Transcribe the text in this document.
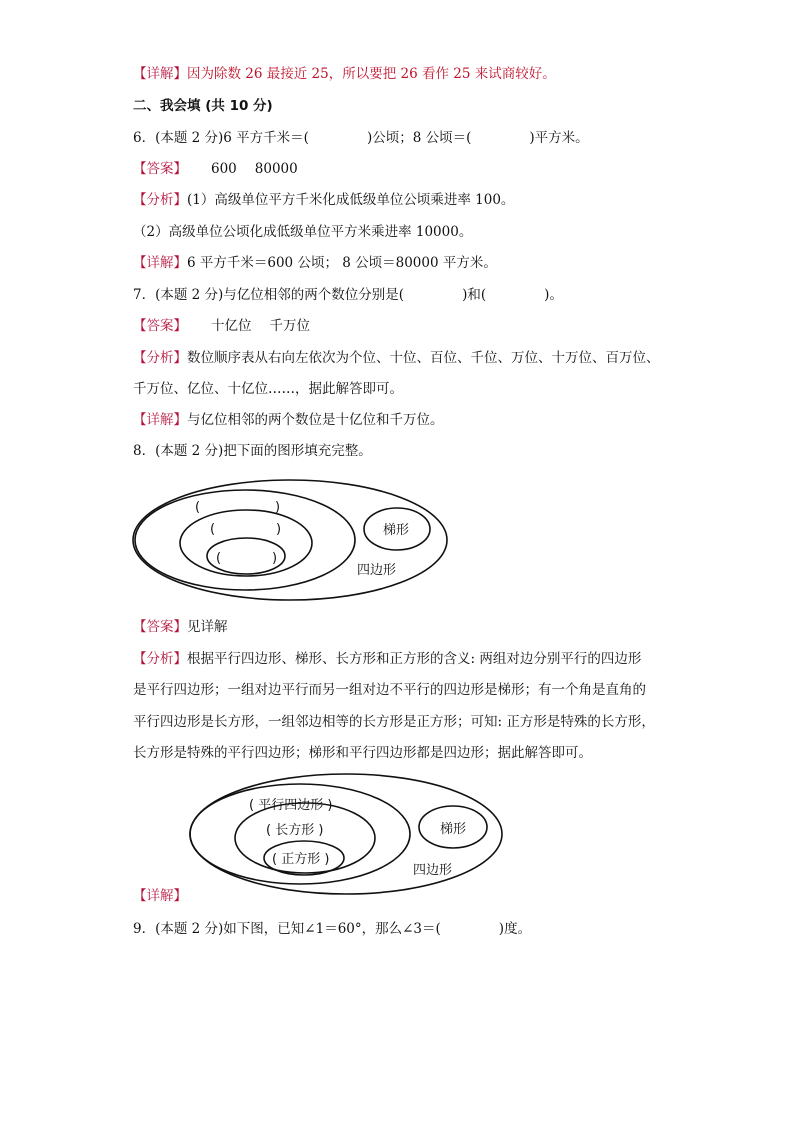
【详解】因为除数 26 最接近 25，所以要把 26 看作 25 来试商较好。
二、我会填 (共 10 分)
6．(本题 2 分)6 平方千米＝(	)公顷；8 公顷＝(	)平方米。
【答案】 600 80000
【分析】(1）高级单位平方千米化成低级单位公顷乘进率 100。
（2）高级单位公顷化成低级单位平方米乘进率 10000。
【详解】6 平方千米＝600 公顷； 8 公顷＝80000 平方米。
7．(本题 2 分)与亿位相邻的两个数位分别是(	)和(	)。
【答案】 十亿位 千万位
【分析】数位顺序表从右向左依次为个位、十位、百位、千位、万位、十万位、百万位、
千万位、亿位、十亿位……，据此解答即可。
【详解】与亿位相邻的两个数位是十亿位和千万位。
8．(本题 2 分)把下面的图形填充完整。
(	)
(	)
(	)
梯形
四边形
( 平行四边形 )
( 长方形 )
( 正方形 )
梯形
四边形
【答案】见详解
【分析】根据平行四边形、梯形、长方形和正方形的含义: 两组对边分别平行的四边形
是平行四边形；一组对边平行而另一组对边不平行的四边形是梯形；有一个角是直角的
平行四边形是长方形，一组邻边相等的长方形是正方形；可知: 正方形是特殊的长方形，
长方形是特殊的平行四边形；梯形和平行四边形都是四边形；据此解答即可。
【详解】
9．(本题 2 分)如下图，已知∠1＝60°，那么∠3＝(	)度。
